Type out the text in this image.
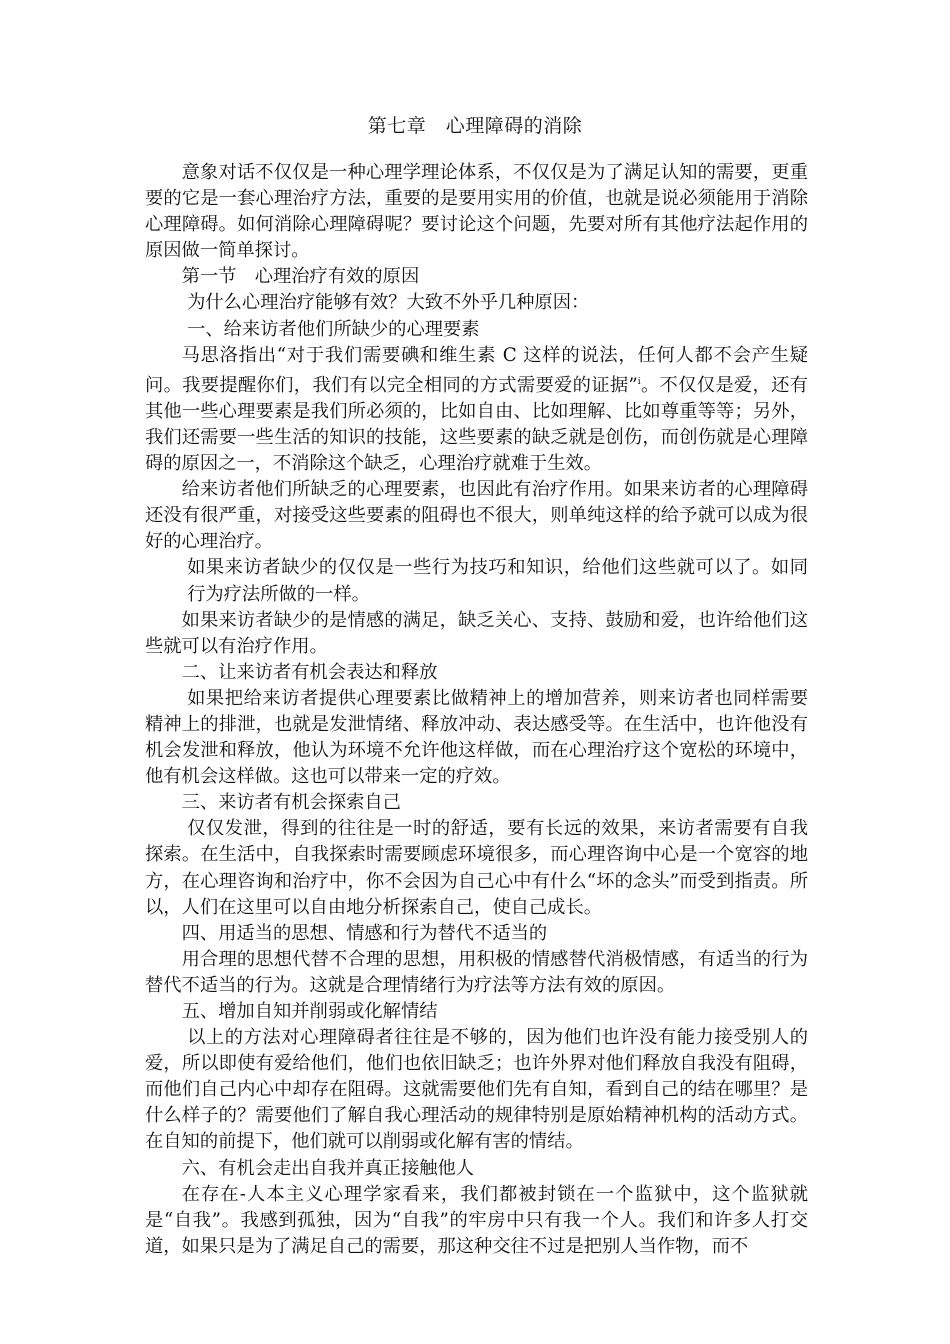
第七章　心理障碍的消除

意象对话不仅仅是一种心理学理论体系，不仅仅是为了满足认知的需要，更重要的它是一套心理治疗方法，重要的是要用实用的价值，也就是说必须能用于消除心理障碍。如何消除心理障碍呢？要讨论这个问题，先要对所有其他疗法起作用的原因做一简单探讨。

第一节　心理治疗有效的原因

为什么心理治疗能够有效？大致不外乎几种原因：

一、给来访者他们所缺少的心理要素

马思洛指出“对于我们需要碘和维生素 C 这样的说法，任何人都不会产生疑问。我要提醒你们，我们有以完全相同的方式需要爱的证据”$^i$。不仅仅是爱，还有其他一些心理要素是我们所必须的，比如自由、比如理解、比如尊重等等；另外，我们还需要一些生活的知识的技能，这些要素的缺乏就是创伤，而创伤就是心理障碍的原因之一，不消除这个缺乏，心理治疗就难于生效。

给来访者他们所缺乏的心理要素，也因此有治疗作用。如果来访者的心理障碍还没有很严重，对接受这些要素的阻碍也不很大，则单纯这样的给予就可以成为很好的心理治疗。

如果来访者缺少的仅仅是一些行为技巧和知识，给他们这些就可以了。如同行为疗法所做的一样。

如果来访者缺少的是情感的满足，缺乏关心、支持、鼓励和爱，也许给他们这些就可以有治疗作用。

二、让来访者有机会表达和释放

如果把给来访者提供心理要素比做精神上的增加营养，则来访者也同样需要精神上的排泄，也就是发泄情绪、释放冲动、表达感受等。在生活中，也许他没有机会发泄和释放，他认为环境不允许他这样做，而在心理治疗这个宽松的环境中，他有机会这样做。这也可以带来一定的疗效。

三、来访者有机会探索自己

仅仅发泄，得到的往往是一时的舒适，要有长远的效果，来访者需要有自我探索。在生活中，自我探索时需要顾虑环境很多，而心理咨询中心是一个宽容的地方，在心理咨询和治疗中，你不会因为自己心中有什么“坏的念头”而受到指责。所以，人们在这里可以自由地分析探索自己，使自己成长。

四、用适当的思想、情感和行为替代不适当的

用合理的思想代替不合理的思想，用积极的情感替代消极情感，有适当的行为替代不适当的行为。这就是合理情绪行为疗法等方法有效的原因。

五、增加自知并削弱或化解情结

以上的方法对心理障碍者往往是不够的，因为他们也许没有能力接受别人的爱，所以即使有爱给他们，他们也依旧缺乏；也许外界对他们释放自我没有阻碍，而他们自己内心中却存在阻碍。这就需要他们先有自知，看到自己的结在哪里？是什么样子的？需要他们了解自我心理活动的规律特别是原始精神机构的活动方式。在自知的前提下，他们就可以削弱或化解有害的情结。

六、有机会走出自我并真正接触他人

在存在-人本主义心理学家看来，我们都被封锁在一个监狱中，这个监狱就是“自我”。我感到孤独，因为“自我”的牢房中只有我一个人。我们和许多人打交道，如果只是为了满足自己的需要，那这种交往不过是把别人当作物，而不
